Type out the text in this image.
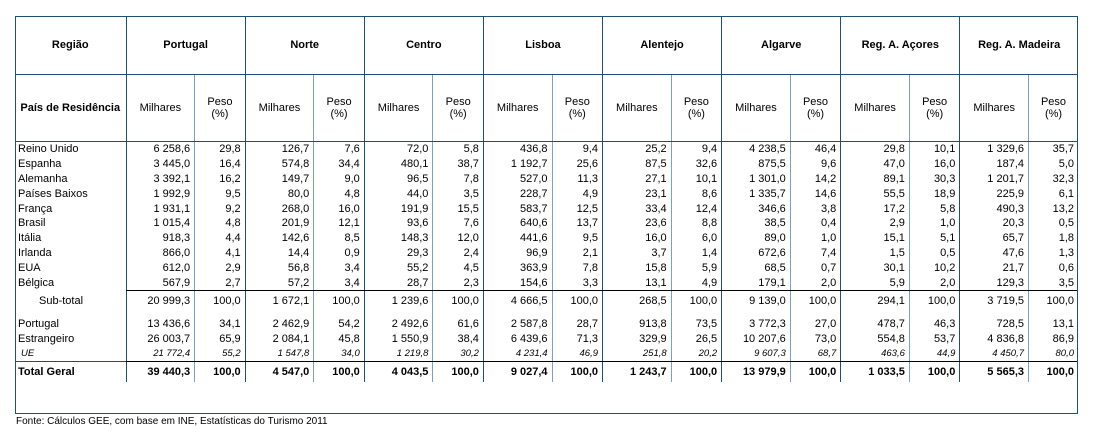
Região	Portugal		Norte		Centro		Lisboa		Alentejo		Algarve		Reg. A. Açores		Reg. A. Madeira	
País de Residência	Milhares	Peso (%)	Milhares	Peso (%)	Milhares	Peso (%)	Milhares	Peso (%)	Milhares	Peso (%)	Milhares	Peso (%)	Milhares	Peso (%)	Milhares	Peso (%)
Reino Unido	6 258,6	29,8	126,7	7,6	72,0	5,8	436,8	9,4	25,2	9,4	4 238,5	46,4	29,8	10,1	1 329,6	35,7
Espanha	3 445,0	16,4	574,8	34,4	480,1	38,7	1 192,7	25,6	87,5	32,6	875,5	9,6	47,0	16,0	187,4	5,0
Alemanha	3 392,1	16,2	149,7	9,0	96,5	7,8	527,0	11,3	27,1	10,1	1 301,0	14,2	89,1	30,3	1 201,7	32,3
Países Baixos	1 992,9	9,5	80,0	4,8	44,0	3,5	228,7	4,9	23,1	8,6	1 335,7	14,6	55,5	18,9	225,9	6,1
França	1 931,1	9,2	268,0	16,0	191,9	15,5	583,7	12,5	33,4	12,4	346,6	3,8	17,2	5,8	490,3	13,2
Brasil	1 015,4	4,8	201,9	12,1	93,6	7,6	640,6	13,7	23,6	8,8	38,5	0,4	2,9	1,0	20,3	0,5
Itália	918,3	4,4	142,6	8,5	148,3	12,0	441,6	9,5	16,0	6,0	89,0	1,0	15,1	5,1	65,7	1,8
Irlanda	866,0	4,1	14,4	0,9	29,3	2,4	96,9	2,1	3,7	1,4	672,6	7,4	1,5	0,5	47,6	1,3
EUA	612,0	2,9	56,8	3,4	55,2	4,5	363,9	7,8	15,8	5,9	68,5	0,7	30,1	10,2	21,7	0,6
Bélgica	567,9	2,7	57,2	3,4	28,7	2,3	154,6	3,3	13,1	4,9	179,1	2,0	5,9	2,0	129,3	3,5
Sub-total	20 999,3	100,0	1 672,1	100,0	1 239,6	100,0	4 666,5	100,0	268,5	100,0	9 139,0	100,0	294,1	100,0	3 719,5	100,0

Portugal	13 436,6	34,1	2 462,9	54,2	2 492,6	61,6	2 587,8	28,7	913,8	73,5	3 772,3	27,0	478,7	46,3	728,5	13,1
Estrangeiro	26 003,7	65,9	2 084,1	45,8	1 550,9	38,4	6 439,6	71,3	329,9	26,5	10 207,6	73,0	554,8	53,7	4 836,8	86,9
UE	21 772,4	55,2	1 547,8	34,0	1 219,8	30,2	4 231,4	46,9	251,8	20,2	9 607,3	68,7	463,6	44,9	4 450,7	80,0
Total Geral	39 440,3	100,0	4 547,0	100,0	4 043,5	100,0	9 027,4	100,0	1 243,7	100,0	13 979,9	100,0	1 033,5	100,0	5 565,3	100,0
Fonte: Cálculos GEE, com base em INE, Estatísticas do Turismo 2011
